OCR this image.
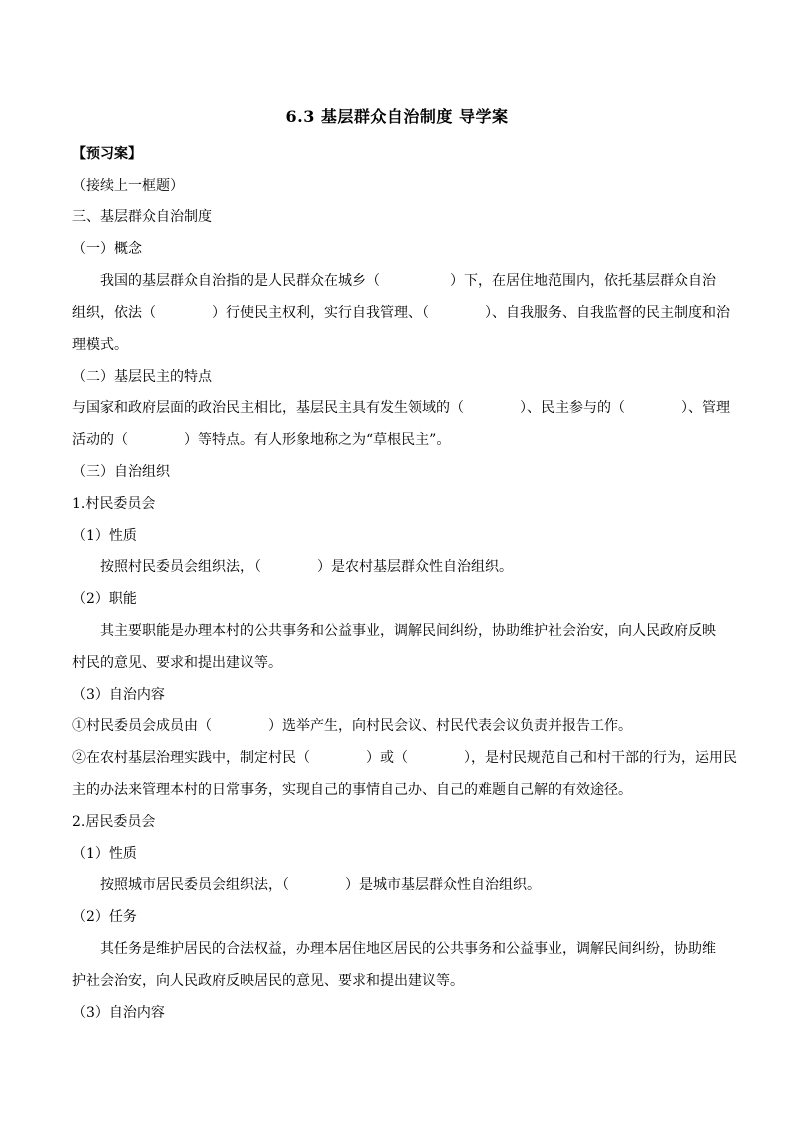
6.3 基层群众自治制度 导学案
【预习案】
（接续上一框题）
三、基层群众自治制度
（一）概念
我国的基层群众自治指的是人民群众在城乡（　　　　　）下，在居住地范围内，依托基层群众自治
组织，依法（　　　　）行使民主权利，实行自我管理、（　　　　）、自我服务、自我监督的民主制度和治
理模式。
（二）基层民主的特点
与国家和政府层面的政治民主相比，基层民主具有发生领域的（　　　　）、民主参与的（　　　　）、管理
活动的（　　　　）等特点。有人形象地称之为“草根民主”。
（三）自治组织
1.村民委员会
（1）性质
按照村民委员会组织法，（　　　　）是农村基层群众性自治组织。
（2）职能
其主要职能是办理本村的公共事务和公益事业，调解民间纠纷，协助维护社会治安，向人民政府反映
村民的意见、要求和提出建议等。
（3）自治内容
①村民委员会成员由（　　　　）选举产生，向村民会议、村民代表会议负责并报告工作。
②在农村基层治理实践中，制定村民（　　　　）或（　　　　），是村民规范自己和村干部的行为，运用民
主的办法来管理本村的日常事务，实现自己的事情自己办、自己的难题自己解的有效途径。
2.居民委员会
（1）性质
按照城市居民委员会组织法，（　　　　）是城市基层群众性自治组织。
（2）任务
其任务是维护居民的合法权益，办理本居住地区居民的公共事务和公益事业，调解民间纠纷，协助维
护社会治安，向人民政府反映居民的意见、要求和提出建议等。
（3）自治内容
